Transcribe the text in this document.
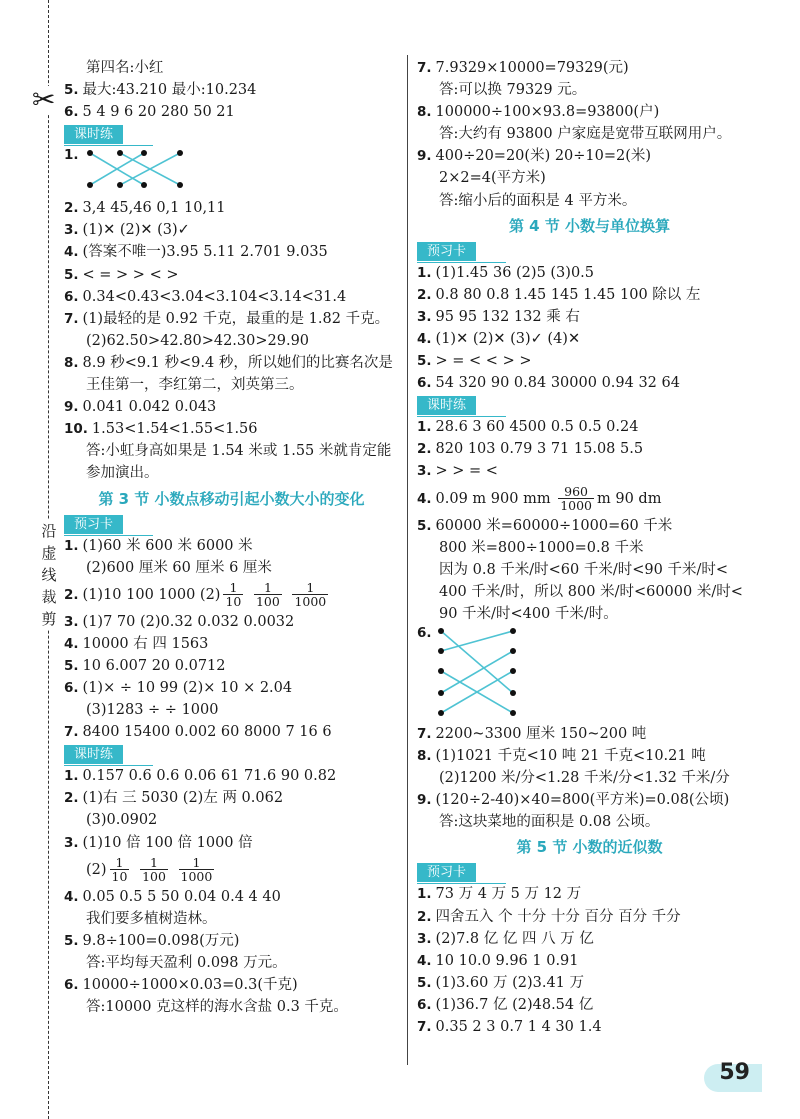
✂
沿
虚
线
裁
剪
第四名:小红
5. 最大:43.210 最小:10.234
6. 5 4 9 6 20 280 50 21
课时练
1.
2. 3,4 45,46 0,1 10,11
3. (1)✕ (2)✕ (3)✓
4. (答案不唯一)3.95 5.11 2.701 9.035
5. < = > > < >
6. 0.34<0.43<3.04<3.104<3.14<31.4
7. (1)最轻的是 0.92 千克，最重的是 1.82 千克。
(2)62.50>42.80>42.30>29.90
8. 8.9 秒<9.1 秒<9.4 秒，所以她们的比赛名次是
王佳第一，李红第二，刘英第三。
9. 0.041 0.042 0.043
10. 1.53<1.54<1.55<1.56
答:小虹身高如果是 1.54 米或 1.55 米就肯定能
参加演出。
第 3 节 小数点移动引起小数大小的变化
预习卡
1. (1)60 米 600 米 6000 米
(2)600 厘米 60 厘米 6 厘米
2. (1)10 100 1000 $(2) \frac{1}{10}$
$\frac{1}{100}$
$\frac{1}{1000}$
3. (1)7 70 (2)0.32 0.032 0.0032
4. 10000 右 四 1563
5. 10 6.007 20 0.0712
6. (1)× ÷ 10 99 (2)× 10 × 2.04
(3)1283 ÷ ÷ 1000
7. 8400 15400 0.002 60 8000 7 16 6
课时练
1. 0.157 0.6 0.6 0.06 61 71.6 90 0.82
2. (1)右 三 5030 (2)左 两 0.062
(3)0.0902
3. (1)10 倍 100 倍 1000 倍
$(2) \frac{1}{10}$
$\frac{1}{100}$
$\frac{1}{1000}$
4. 0.05 0.5 5 50 0.04 0.4 4 40
我们要多植树造林。
5. 9.8÷100=0.098(万元)
答:平均每天盈利 0.098 万元。
6. 10000÷1000×0.03=0.3(千克)
答:10000 克这样的海水含盐 0.3 千克。
7. 7.9329×10000=79329(元)
答:可以换 79329 元。
8. 100000÷100×93.8=93800(户)
答:大约有 93800 户家庭是宽带互联网用户。
9. 400÷20=20(米) 20÷10=2(米)
2×2=4(平方米)
答:缩小后的面积是 4 平方米。
第 4 节 小数与单位换算
预习卡
1. (1)1.45 36 (2)5 (3)0.5
2. 0.8 80 0.8 1.45 145 1.45 100 除以 左
3. 95 95 132 132 乘 右
4. (1)✕ (2)✕ (3)✓ (4)✕
5. > = < < > >
6. 54 320 90 0.84 30000 0.94 32 64
课时练
1. 28.6 3 60 4500 0.5 0.5 0.24
2. 820 103 0.79 3 71 15.08 5.5
3. > > = <
4. 0.09 m 900 mm $\frac{960}{1000}$ m 90 dm
5. 60000 米=60000÷1000=60 千米
800 米=800÷1000=0.8 千米
因为 0.8 千米/时<60 千米/时<90 千米/时<
400 千米/时，所以 800 米/时<60000 米/时<
90 千米/时<400 千米/时。
6.
7. 2200~3300 厘米 150~200 吨
8. (1)1021 千克<10 吨 21 千克<10.21 吨
(2)1200 米/分<1.28 千米/分<1.32 千米/分
9. (120÷2-40)×40=800(平方米)=0.08(公顷)
答:这块菜地的面积是 0.08 公顷。
第 5 节 小数的近似数
预习卡
1. 73 万 4 万 5 万 12 万
2. 四舍五入 个 十分 十分 百分 百分 千分
3. (2)7.8 亿 亿 四 八 万 亿
4. 10 10.0 9.96 1 0.91
5. (1)3.60 万 (2)3.41 万
6. (1)36.7 亿 (2)48.54 亿
7. 0.35 2 3 0.7 1 4 30 1.4
59
